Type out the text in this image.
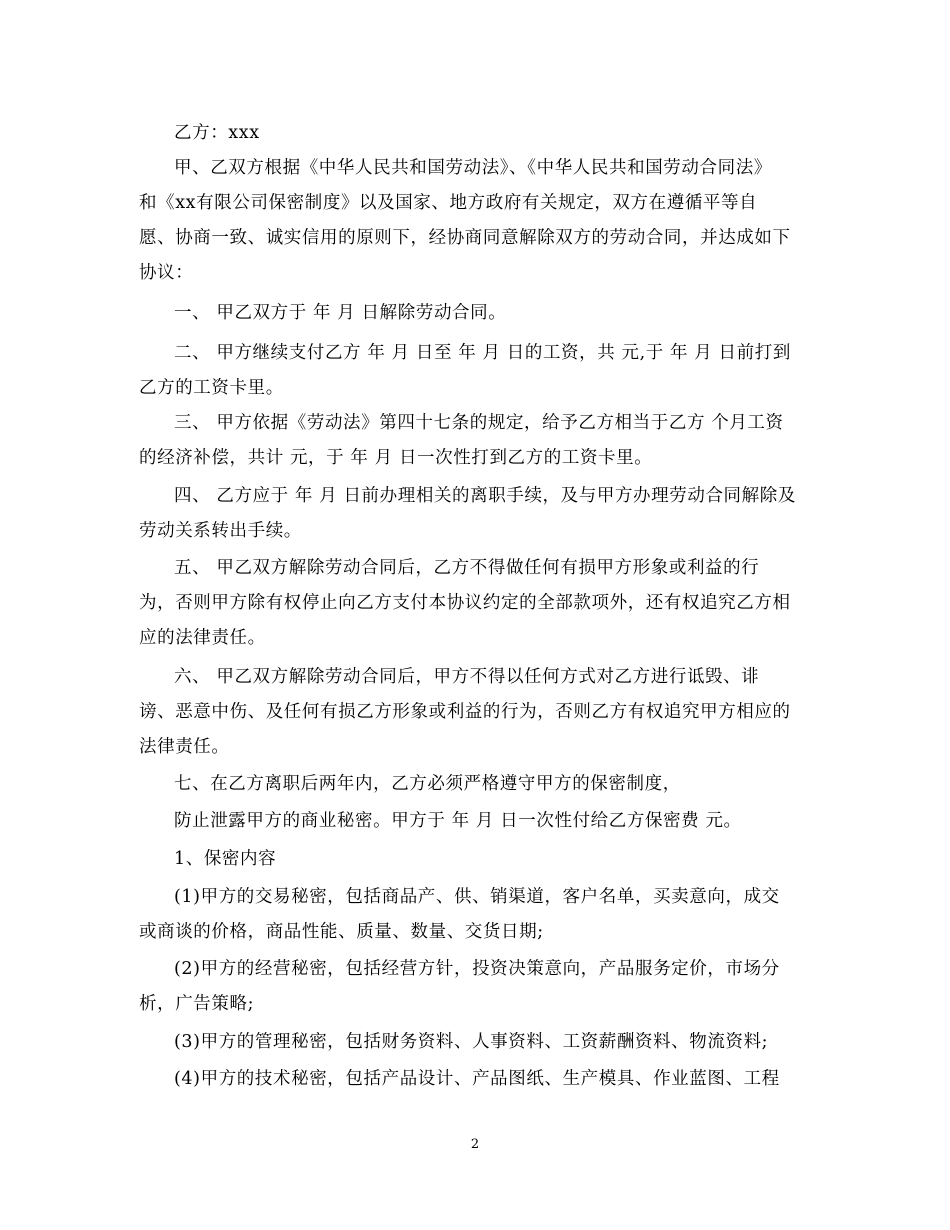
乙方：xxx

甲、乙双方根据《中华人民共和国劳动法》、《中华人民共和国劳动合同法》

和《xx有限公司保密制度》以及国家、地方政府有关规定，双方在遵循平等自

愿、协商一致、诚实信用的原则下，经协商同意解除双方的劳动合同，并达成如下

协议：

一、 甲乙双方于 年 月 日解除劳动合同。

二、 甲方继续支付乙方 年 月 日至 年 月 日的工资，共 元,于 年 月 日前打到

乙方的工资卡里。

三、 甲方依据《劳动法》第四十七条的规定，给予乙方相当于乙方 个月工资

的经济补偿，共计 元，于 年 月 日一次性打到乙方的工资卡里。

四、 乙方应于 年 月 日前办理相关的离职手续，及与甲方办理劳动合同解除及

劳动关系转出手续。

五、 甲乙双方解除劳动合同后，乙方不得做任何有损甲方形象或利益的行

为，否则甲方除有权停止向乙方支付本协议约定的全部款项外，还有权追究乙方相

应的法律责任。

六、 甲乙双方解除劳动合同后，甲方不得以任何方式对乙方进行诋毁、诽

谤、恶意中伤、及任何有损乙方形象或利益的行为，否则乙方有权追究甲方相应的

法律责任。

七、在乙方离职后两年内，乙方必须严格遵守甲方的保密制度，

防止泄露甲方的商业秘密。甲方于 年 月 日一次性付给乙方保密费 元。

1、保密内容

(1)甲方的交易秘密，包括商品产、供、销渠道，客户名单，买卖意向，成交

或商谈的价格，商品性能、质量、数量、交货日期;

(2)甲方的经营秘密，包括经营方针，投资决策意向，产品服务定价，市场分

析，广告策略;

(3)甲方的管理秘密，包括财务资料、人事资料、工资薪酬资料、物流资料;

(4)甲方的技术秘密，包括产品设计、产品图纸、生产模具、作业蓝图、工程

2
